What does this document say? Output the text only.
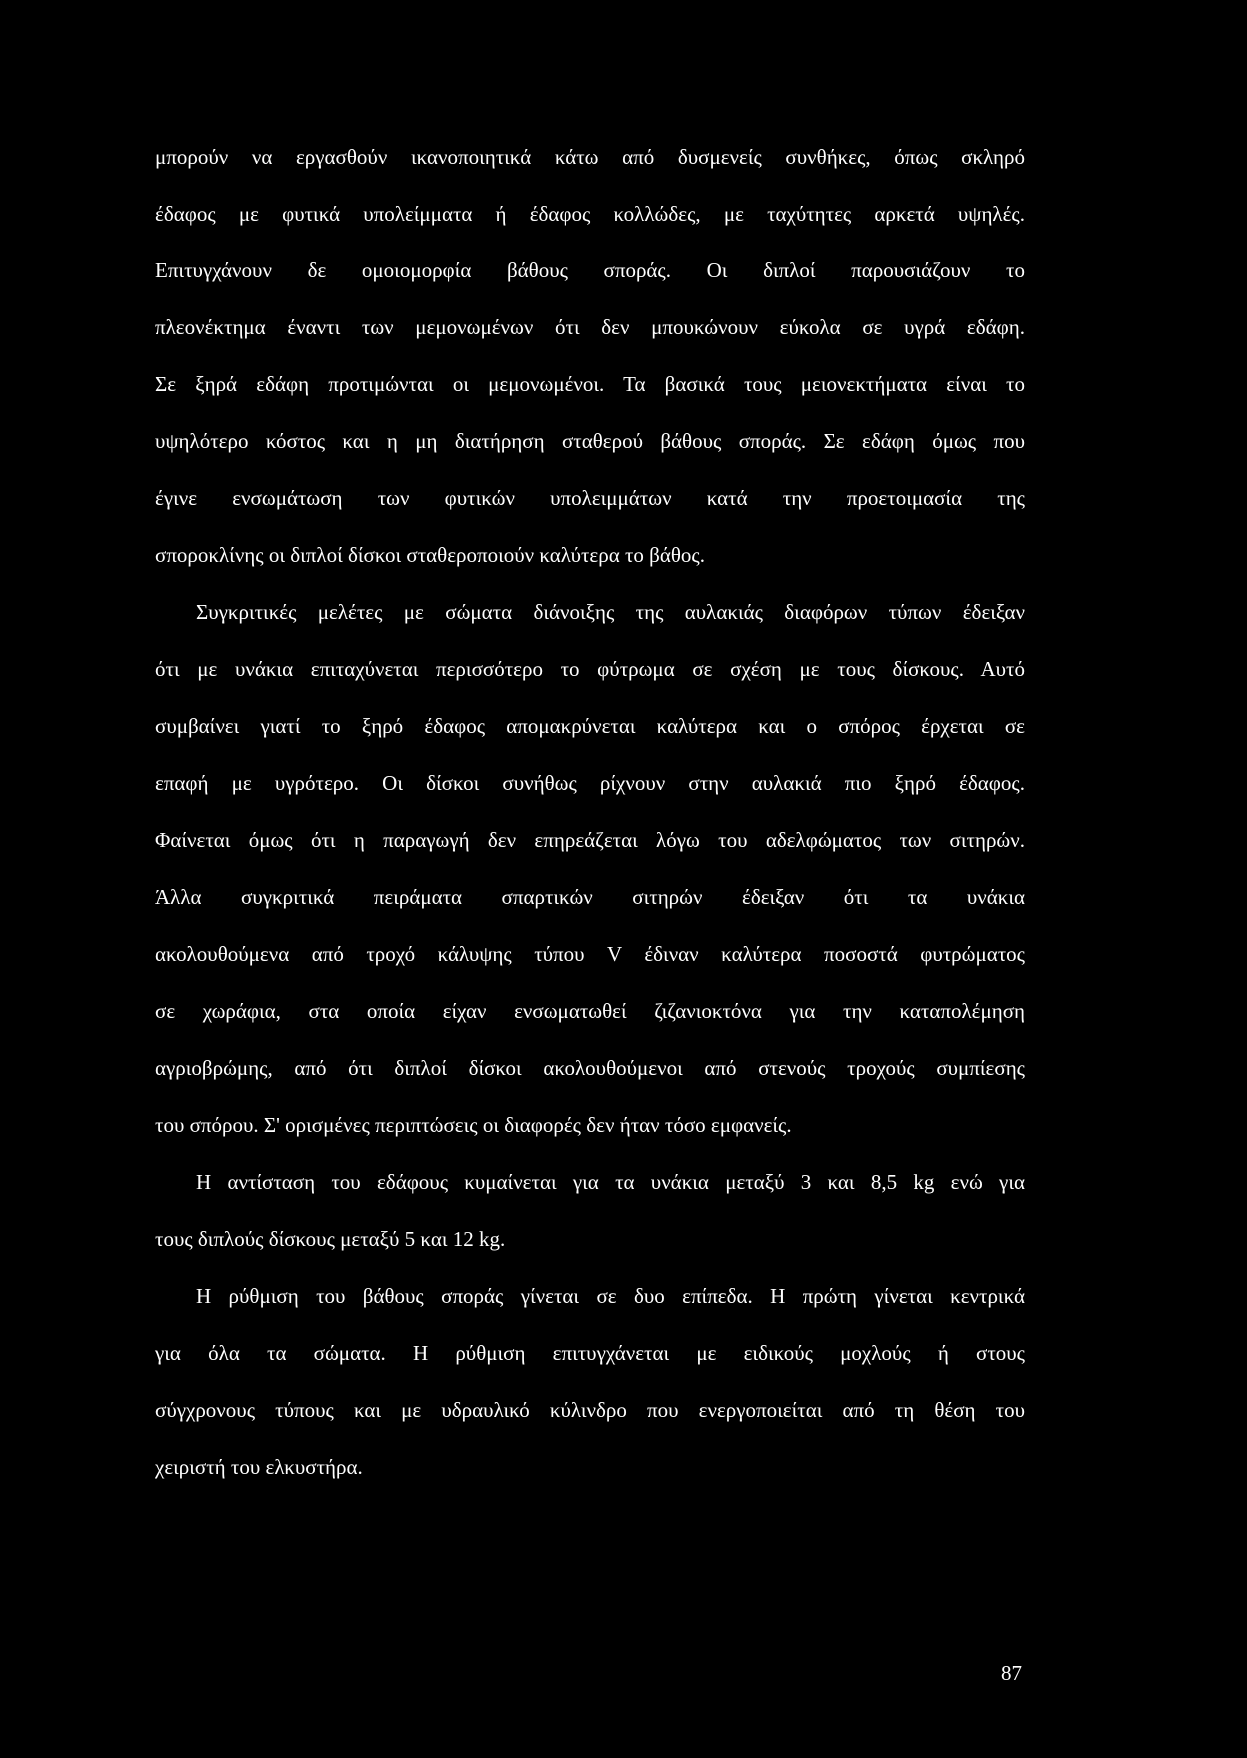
μπορούν να εργασθούν ικανοποιητικά κάτω από δυσμενείς συνθήκες, όπως σκληρό
έδαφος με φυτικά υπολείμματα ή έδαφος κολλώδες, με ταχύτητες αρκετά υψηλές.
Επιτυγχάνουν δε ομοιομορφία βάθους σποράς. Οι διπλοί παρουσιάζουν το
πλεονέκτημα έναντι των μεμονωμένων ότι δεν μπουκώνουν εύκολα σε υγρά εδάφη.
Σε ξηρά εδάφη προτιμώνται οι μεμονωμένοι. Τα βασικά τους μειονεκτήματα είναι το
υψηλότερο κόστος και η μη διατήρηση σταθερού βάθους σποράς. Σε εδάφη όμως που
έγινε ενσωμάτωση των φυτικών υπολειμμάτων κατά την προετοιμασία της
σποροκλίνης οι διπλοί δίσκοι σταθεροποιούν καλύτερα το βάθος.
Συγκριτικές μελέτες με σώματα διάνοιξης της αυλακιάς διαφόρων τύπων έδειξαν
ότι με υνάκια επιταχύνεται περισσότερο το φύτρωμα σε σχέση με τους δίσκους. Αυτό
συμβαίνει γιατί το ξηρό έδαφος απομακρύνεται καλύτερα και ο σπόρος έρχεται σε
επαφή με υγρότερο. Οι δίσκοι συνήθως ρίχνουν στην αυλακιά πιο ξηρό έδαφος.
Φαίνεται όμως ότι η παραγωγή δεν επηρεάζεται λόγω του αδελφώματος των σιτηρών.
Άλλα συγκριτικά πειράματα σπαρτικών σιτηρών έδειξαν ότι τα υνάκια
ακολουθούμενα από τροχό κάλυψης τύπου V έδιναν καλύτερα ποσοστά φυτρώματος
σε χωράφια, στα οποία είχαν ενσωματωθεί ζιζανιοκτόνα για την καταπολέμηση
αγριοβρώμης, από ότι διπλοί δίσκοι ακολουθούμενοι από στενούς τροχούς συμπίεσης
του σπόρου. Σ' ορισμένες περιπτώσεις οι διαφορές δεν ήταν τόσο εμφανείς.
Η αντίσταση του εδάφους κυμαίνεται για τα υνάκια μεταξύ 3 και 8,5 kg ενώ για
τους διπλούς δίσκους μεταξύ 5 και 12 kg.
Η ρύθμιση του βάθους σποράς γίνεται σε δυο επίπεδα. Η πρώτη γίνεται κεντρικά
για όλα τα σώματα. Η ρύθμιση επιτυγχάνεται με ειδικούς μοχλούς ή στους
σύγχρονους τύπους και με υδραυλικό κύλινδρο που ενεργοποιείται από τη θέση του
χειριστή του ελκυστήρα.
87
